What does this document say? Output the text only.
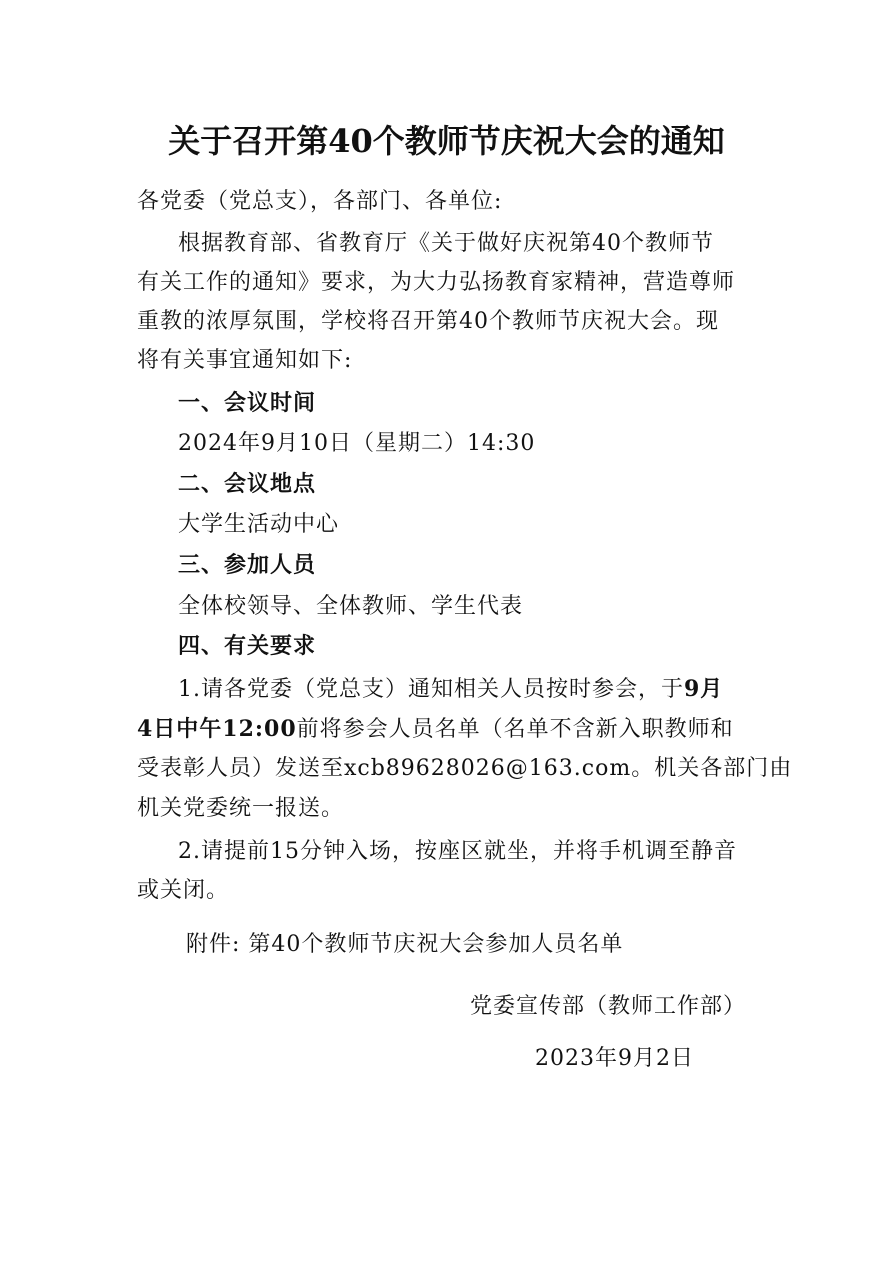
关于召开第40个教师节庆祝大会的通知
各党委（党总支），各部门、各单位:
根据教育部、省教育厅《关于做好庆祝第40个教师节
有关工作的通知》要求，为大力弘扬教育家精神，营造尊师
重教的浓厚氛围，学校将召开第40个教师节庆祝大会。现
将有关事宜通知如下:
一、会议时间
2024年9月10日（星期二）14:30
二、会议地点
大学生活动中心
三、参加人员
全体校领导、全体教师、学生代表
四、有关要求
1.请各党委（党总支）通知相关人员按时参会，于9月
4日中午12:00前将参会人员名单（名单不含新入职教师和
受表彰人员）发送至xcb89628026@163.com。机关各部门由
机关党委统一报送。
2.请提前15分钟入场，按座区就坐，并将手机调至静音
或关闭。
附件: 第40个教师节庆祝大会参加人员名单
党委宣传部（教师工作部）
2023年9月2日
